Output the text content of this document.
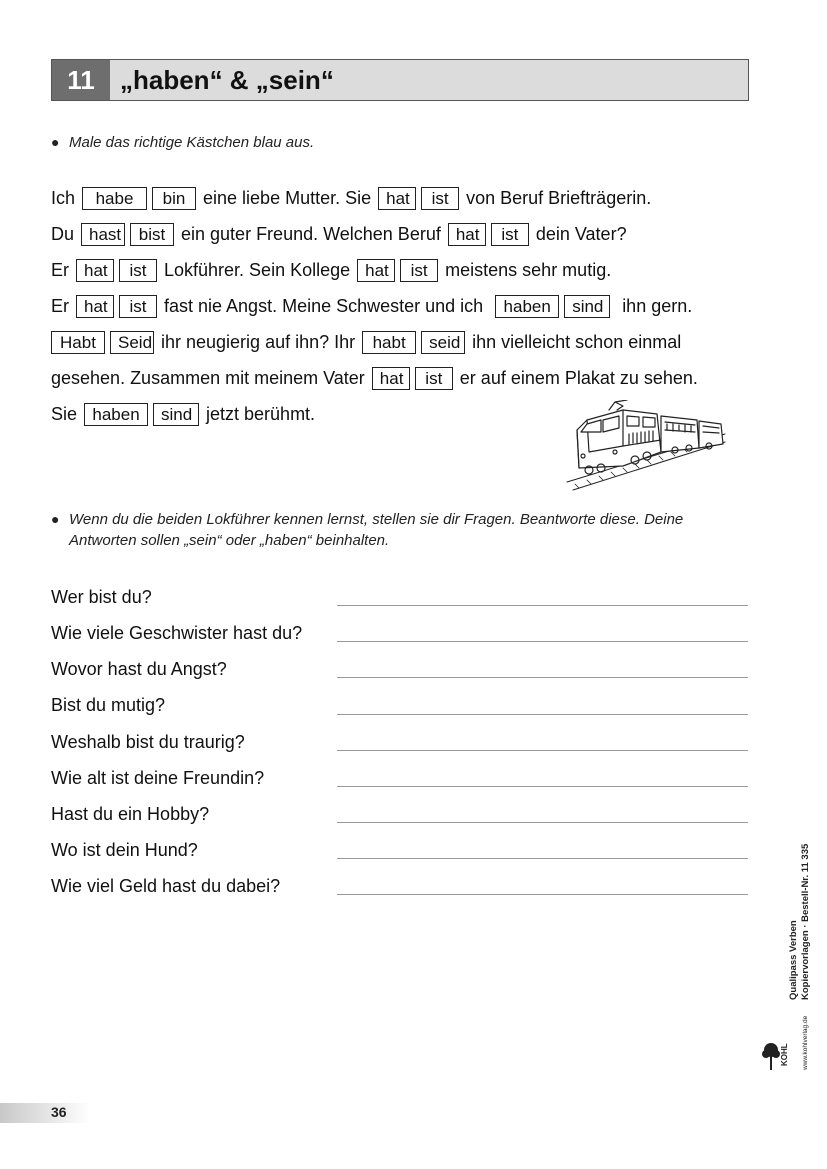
11 „haben“ & „sein“
● Male das richtige Kästchen blau aus.
Ich	habe	bin eine liebe Mutter. Sie hat	ist von Beruf Briefträgerin.
Du hast	bist ein guter Freund. Welchen Beruf hat	ist dein Vater?
Er hat	ist Lokführer. Sein Kollege hat	ist meistens sehr mutig.
Er hat	ist fast nie Angst. Meine Schwester und ich	haben	sind	ihn gern.
Habt	Seid ihr neugierig auf ihn? Ihr	habt	seid ihn vielleicht schon einmal
gesehen. Zusammen mit meinem Vater hat	ist er auf einem Plakat zu sehen.
Sie haben	sind jetzt berühmt.
● Wenn du die beiden Lokführer kennen lernst, stellen sie dir Fragen. Beantworte diese. Deine
Antworten sollen „sein“ oder „haben“ beinhalten.
Wer bist du?
Wie viele Geschwister hast du?
Wovor hast du Angst?
Bist du mutig?
Weshalb bist du traurig?
Wie alt ist deine Freundin?
Hast du ein Hobby?
Wo ist dein Hund?
Wie viel Geld hast du dabei?
Qualipass Verben Kopiervorlagen · Bestell-Nr. 11 335
KOHL www.kohlverlag.de
36
